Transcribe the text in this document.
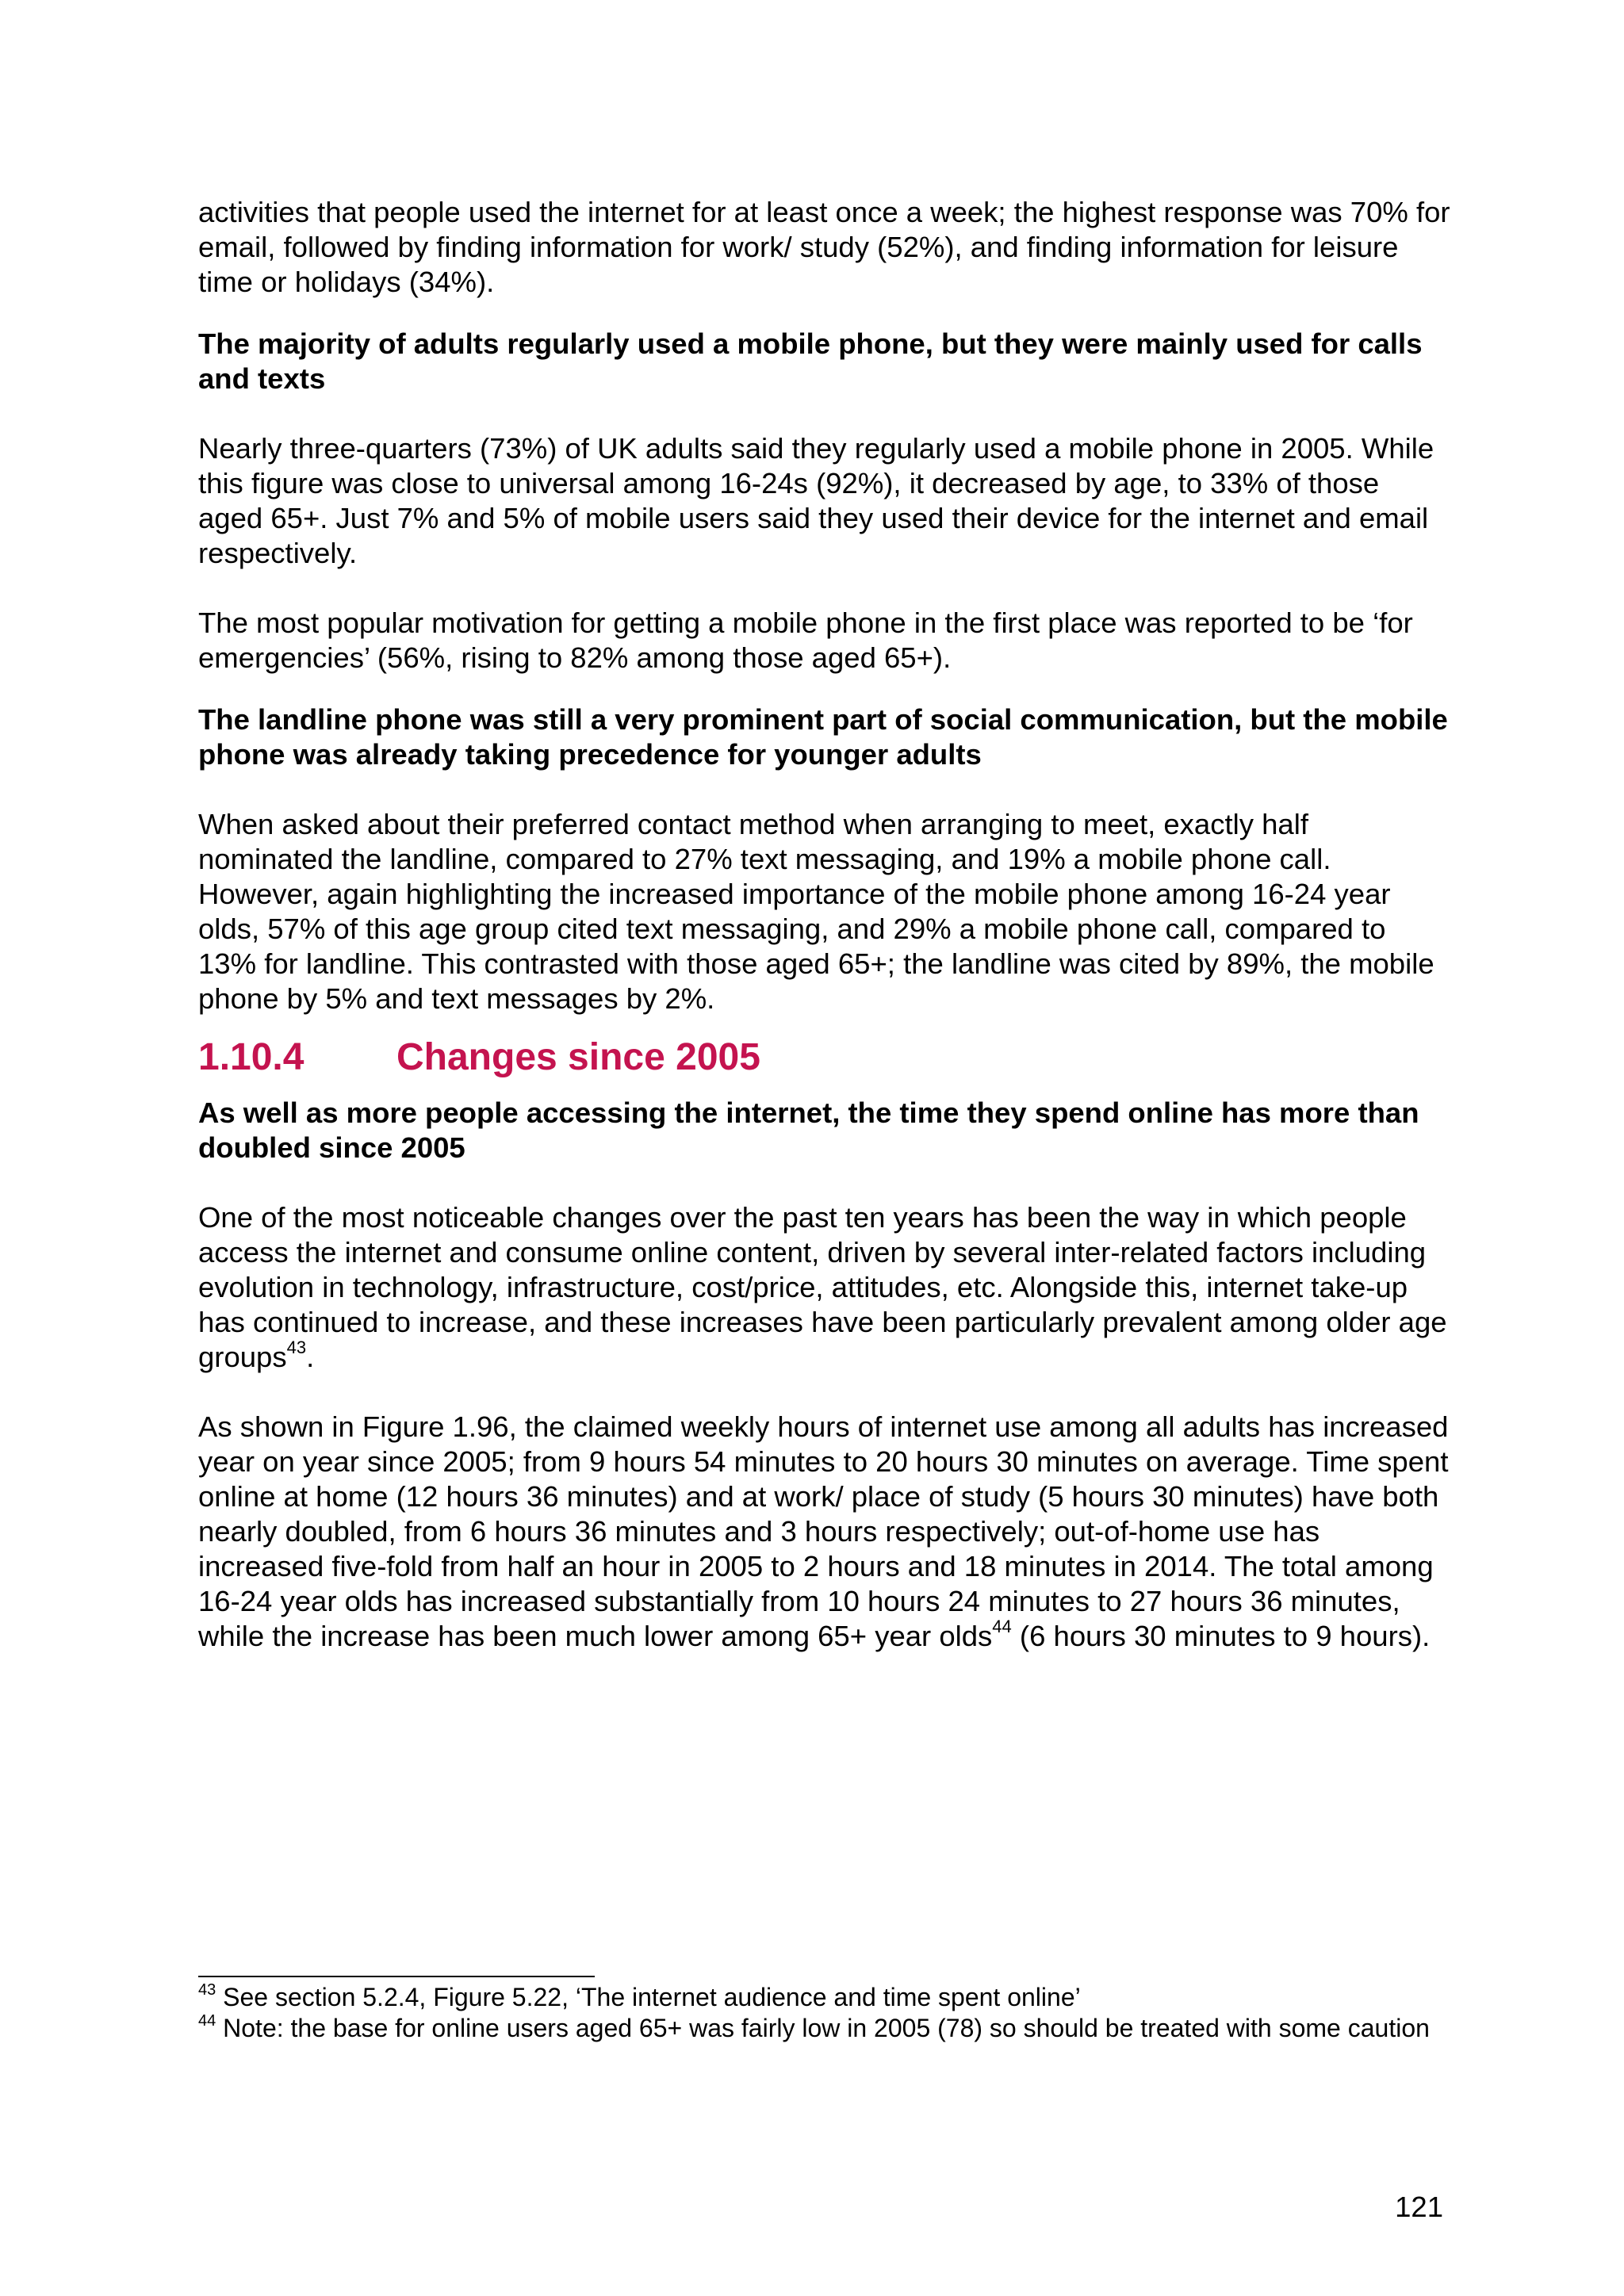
activities that people used the internet for at least once a week; the highest response was 70% for email, followed by finding information for work/ study (52%), and finding information for leisure time or holidays (34%).

The majority of adults regularly used a mobile phone, but they were mainly used for calls and texts

Nearly three-quarters (73%) of UK adults said they regularly used a mobile phone in 2005. While this figure was close to universal among 16-24s (92%), it decreased by age, to 33% of those aged 65+. Just 7% and 5% of mobile users said they used their device for the internet and email respectively.

The most popular motivation for getting a mobile phone in the first place was reported to be ‘for emergencies’ (56%, rising to 82% among those aged 65+).

The landline phone was still a very prominent part of social communication, but the mobile phone was already taking precedence for younger adults

When asked about their preferred contact method when arranging to meet, exactly half nominated the landline, compared to 27% text messaging, and 19% a mobile phone call. However, again highlighting the increased importance of the mobile phone among 16-24 year olds, 57% of this age group cited text messaging, and 29% a mobile phone call, compared to 13% for landline. This contrasted with those aged 65+; the landline was cited by 89%, the mobile phone by 5% and text messages by 2%.

1.10.4 Changes since 2005

As well as more people accessing the internet, the time they spend online has more than doubled since 2005

One of the most noticeable changes over the past ten years has been the way in which people access the internet and consume online content, driven by several inter-related factors including evolution in technology, infrastructure, cost/price, attitudes, etc. Alongside this, internet take-up has continued to increase, and these increases have been particularly prevalent among older age groups$^{43}$.

As shown in Figure 1.96, the claimed weekly hours of internet use among all adults has increased year on year since 2005; from 9 hours 54 minutes to 20 hours 30 minutes on average. Time spent online at home (12 hours 36 minutes) and at work/ place of study (5 hours 30 minutes) have both nearly doubled, from 6 hours 36 minutes and 3 hours respectively; out-of-home use has increased five-fold from half an hour in 2005 to 2 hours and 18 minutes in 2014. The total among 16-24 year olds has increased substantially from 10 hours 24 minutes to 27 hours 36 minutes, while the increase has been much lower among 65+ year olds$^{44}$ (6 hours 30 minutes to 9 hours).

$^{43}$ See section 5.2.4, Figure 5.22, ‘The internet audience and time spent online’

$^{44}$ Note: the base for online users aged 65+ was fairly low in 2005 (78) so should be treated with some caution

121
